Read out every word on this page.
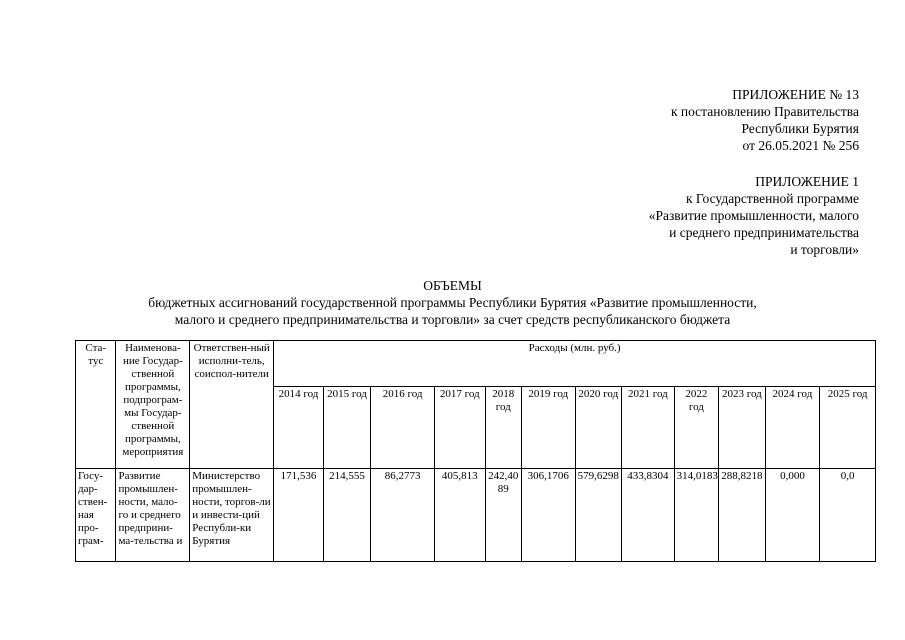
ПРИЛОЖЕНИЕ № 13
к постановлению Правительства
Республики Бурятия
от 26.05.2021 № 256
ПРИЛОЖЕНИЕ 1
к Государственной программе
«Развитие промышленности, малого
и среднего предпринимательства
и торговли»
ОБЪЕМЫ
бюджетных ассигнований государственной программы Республики Бурятия «Развитие промышленности,
малого и среднего предпринимательства и торговли» за счет средств республиканского бюджета
Ста-тус	Наименова-ние Государ-ственной программы, подпрограм-мы Государ-ственной программы, мероприятия	Ответствен-ный исполни-тель, соиспол-нители	Расходы (млн. руб.)											
			2014 год	2015 год	2016 год	2017 год	2018 год	2019 год	2020 год	2021 год	2022 год	2023 год	2024 год	2025 год
Госу-дар-ствен-ная про-грам-	Развитие промышлен-ности, мало-го и среднего предприни-ма-тельства и	Министерство промышлен-ности, торгов-ли и инвести-ций Республи-ки Бурятия	171,536	214,555	86,2773	405,813	242,40 89	306,1706	579,6298	433,8304	314,0183	288,8218	0,000	0,0
